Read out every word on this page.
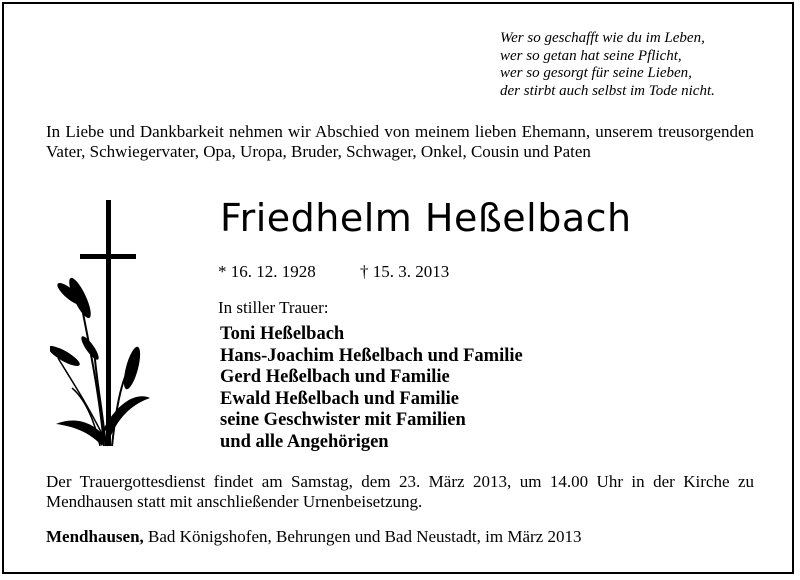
Wer so geschafft wie du im Leben,
wer so getan hat seine Pflicht,
wer so gesorgt für seine Lieben,
der stirbt auch selbst im Tode nicht.
In Liebe und Dankbarkeit nehmen wir Abschied von meinem lieben Ehemann, unserem treusorgenden Vater, Schwiegervater, Opa, Uropa, Bruder, Schwager, Onkel, Cousin und Paten
Friedhelm Heßelbach
* 16. 12. 1928	† 15. 3. 2013
In stiller Trauer:
Toni Heßelbach
Hans-Joachim Heßelbach und Familie
Gerd Heßelbach und Familie
Ewald Heßelbach und Familie
seine Geschwister mit Familien
und alle Angehörigen
Der Trauergottesdienst findet am Samstag, dem 23. März 2013, um 14.00 Uhr in der Kirche zu Mendhausen statt mit anschließender Urnenbeisetzung.
Mendhausen, Bad Königshofen, Behrungen und Bad Neustadt, im März 2013
